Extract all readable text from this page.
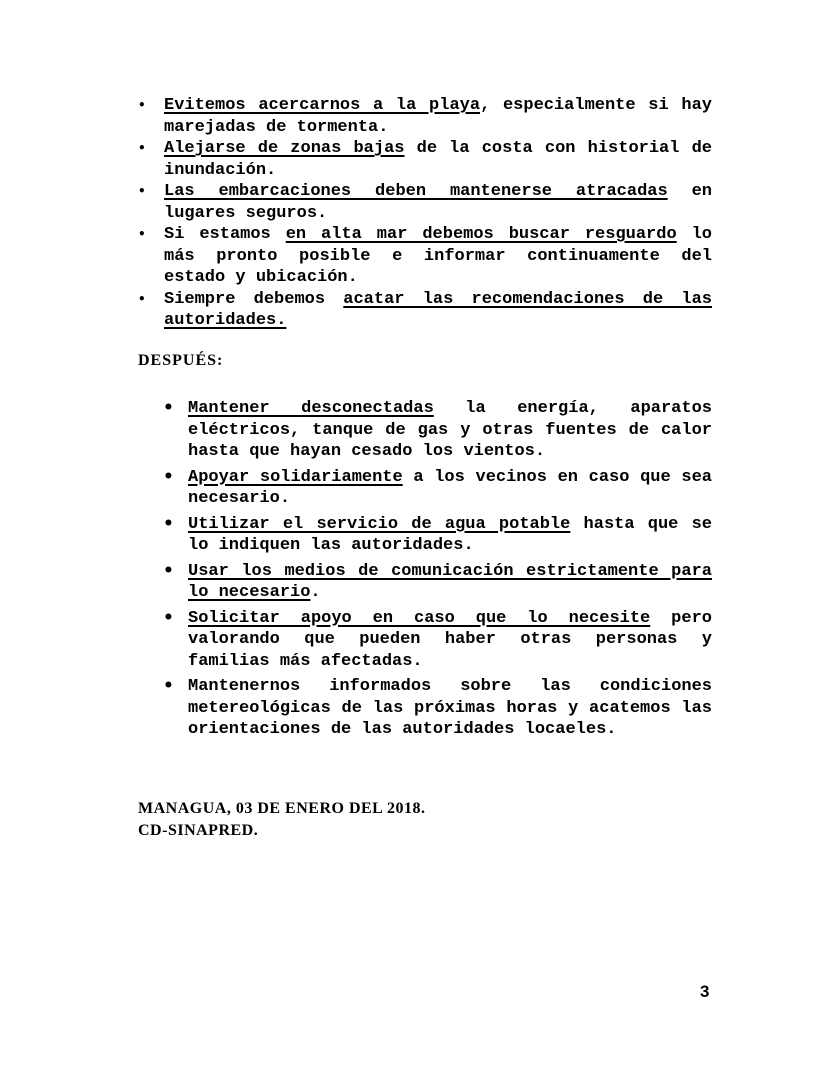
• Evitemos acercarnos a la playa, especialmente si hay marejadas de tormenta.
• Alejarse de zonas bajas de la costa con historial de inundación.
• Las embarcaciones deben mantenerse atracadas en lugares seguros.
• Si estamos en alta mar debemos buscar resguardo lo más pronto posible e informar continuamente del estado y ubicación.
• Siempre debemos acatar las recomendaciones de las autoridades.
DESPUÉS:
• Mantener desconectadas la energía, aparatos eléctricos, tanque de gas y otras fuentes de calor hasta que hayan cesado los vientos.
• Apoyar solidariamente a los vecinos en caso que sea necesario.
• Utilizar el servicio de agua potable hasta que se lo indiquen las autoridades.
• Usar los medios de comunicación estrictamente para lo necesario.
• Solicitar apoyo en caso que lo necesite pero valorando que pueden haber otras personas y familias más afectadas.
• Mantenernos informados sobre las condiciones metereológicas de las próximas horas y acatemos las orientaciones de las autoridades locaeles.
MANAGUA, 03 DE ENERO DEL 2018.
CD-SINAPRED.
3
